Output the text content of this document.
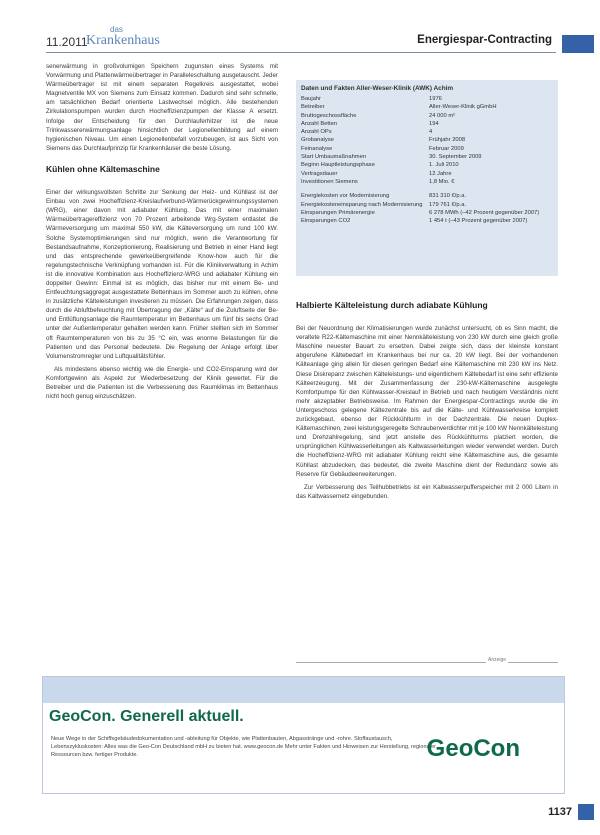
11.2011
das
Krankenhaus	Energiespar-Contracting

senerwärmung in großvolumigen Speichern zugunsten eines Systems mit Vorwärmung und Plattenwärmeübertrager in Paralleleschaltung ausgetauscht. Jeder Wärmeübertrager ist mit einem separaten Regelkreis ausgestattet, wobei Magnetventile MX von Siemens zum Einsatz kommen. Dadurch sind sehr schnelle, am tatsächlichen Bedarf orientierte Lastwechsel möglich. Alle bestehenden Zirkulationspumpen wurden durch Hocheffizienzpumpen der Klasse A ersetzt. Infolge der Entscheidung für den Durchlauferhitzer ist die neue Trinkwassererwärmungsanlage hinsichtlich der Legionellenbildung auf einem hygienischen Niveau. Um einen Legionellenbefall vorzubeugen, ist aus Sicht von Siemens das Durchlaufprinzip für Krankenhäuser die beste Lösung.

Kühlen ohne Kältemaschine

Einer der wirkungsvollsten Schritte zur Senkung der Heiz- und Kühllast ist der Einbau von zwei Hocheffizienz-Kreislaufverbund-Wärmerückgewinnungssystemen (WRG), einer davon mit adiabater Kühlung. Das mit einer maximalen Wärmeübertragereffizienz von 70 Prozent arbeitende Wrg-System entlastet die Wärmeversorgung um maximal 550 kW, die Kälteversorgung um rund 100 kW. Solche Systemoptimierungen sind nur möglich, wenn die Verantwortung für Bestandsaufnahme, Konzeptionierung, Realisierung und Betrieb in einer Hand liegt und das entsprechende gewerkeübergreifende Know-how auch für die regelungstechnische Verknüpfung vorhanden ist. Für die Klinikverwaltung in Achim ist die innovative Kombination aus Hocheffizienz-WRG und adiabater Kühlung ein doppelter Gewinn: Einmal ist es möglich, das bisher nur mit einem Be- und Entfeuchtungsaggregat ausgestattete Bettenhaus im Sommer auch zu kühlen, ohne in zusätzliche Kälteleistungen investieren zu müssen. Die Erfahrungen zeigen, dass durch die Abluftbefeuchtung mit Übertragung der „Kälte“ auf die Zuluftseite der Be- und Entlüftungsanlage die Raumtemperatur im Bettenhaus um fünf bis sechs Grad unter der Außentemperatur gehalten werden kann. Früher stellten sich im Sommer oft Raumtemperaturen von bis zu 35 °C ein, was enorme Belastungen für die Patienten und das Personal bedeutete. Die Regelung der Anlage erfolgt über Volumenstromregler und Luftqualitätsfühler.

Als mindestens ebenso wichtig wie die Energie- und CO2-Einsparung wird der Komfortgewinn als Aspekt zur Wiederbesetzung der Klinik gewertet. Für die Betreiber und die Patienten ist die Verbesserung des Raumklimas im Bettenhaus nicht hoch genug einzuschätzen.

Daten und Fakten Aller-Weser-Klinik (AWK) Achim
Baujahr	1976
Betreiber	Aller-Weser-Klinik gGmbH
Bruttogeschossfläche	24 000 m²
Anzahl Betten	194
Anzahl OPs	4
Grobanalyse	Frühjahr 2008
Feinanalyse	Februar 2009
Start Umbaumaßnahmen	30. September 2009
Beginn Hauptleistungsphase	1. Juli 2010
Vertragsdauer	12 Jahre
Investitionen Siemens	1,8 Mio. €
Energiekosten vor Modernisierung	831 310 €/p.a.
Energiekosteneinsparung nach Modernisierung	179 761 €/p.a.
Einsparungen Primärenergie	6 278 MWh (–42 Prozent gegenüber 2007)
Einsparungen CO2	1 454 t (–43 Prozent gegenüber 2007)
Halbierte Kälteleistung durch adiabate Kühlung

Bei der Neuordnung der Klimatisierungen wurde zunächst untersucht, ob es Sinn macht, die veraltete R22-Kältemaschine mit einer Nennkälteleistung von 230 kW durch eine gleich große Maschine neuester Bauart zu ersetzen. Dabei zeigte sich, dass der kleinste konstant abgerufene Kältebedarf im Krankenhaus bei nur ca. 20 kW liegt. Bei der vorhandenen Kälteanlage ging allein für diesen geringen Bedarf eine Kältemaschine mit 230 kW ins Netz. Diese Diskrepanz zwischen Kälteleistungs- und eigentlichem Kältebedarf ist eine sehr effiziente Kälteerzeugung. Mit der Zusammenfassung der 230-kW-Kältemaschine ausgelegte Komfortpumpe für den Kühlwasser-Kreislauf in Betrieb und nach heutigem Verständnis nicht mehr akzeptabler Betriebsweise. Im Rahmen der Energiespar-Contractings wurde die im Untergeschoss gelegene Kältezentrale bis auf die Kälte- und Kühlwasserkreise komplett zurückgebaut, ebenso der Rückkühlturm in der Dachzentrale. Die neuen Duplex-Kältemaschinen, zwei leistungsgeregelte Schraubenverdichter mit je 100 kW Nennkälteleistung und Drehzahlregelung, sind jetzt anstelle des Rückkühlturms platziert worden, die ursprünglichen Kühlwasserleitungen als Kaltwasserleitungen wieder verwendet werden. Durch die Hocheffizienz-WRG mit adiabater Kühlung reicht eine Kältemaschine aus, die gesamte Kühllast abzudecken, das bedeutet, die zweite Maschine dient der Redundanz sowie als Reserve für Gebäudeerweiterungen.

Zur Verbesserung des Teilhubbetriebs ist ein Kaltwasserpufferspeicher mit 2 000 Litern in das Kaltwassernetz eingebunden.

Anzeige
GeoCon. Generell aktuell.
Neue Wege in der Schiffsgebäudedokumentation und -ableitung für Objekte, wie Plattenbauten, Abgasstränge und -rohre. Stoffaustausch, Lebenszykluskosten: Alles was die Geo-Con Deutschland mbH zu bieten hat. www.geocon.de Mehr unter Fakten und Hinweisen zur Herstellung, regionaler Ressourcen bzw. fertiger Produkte.	GeoCon
1137
